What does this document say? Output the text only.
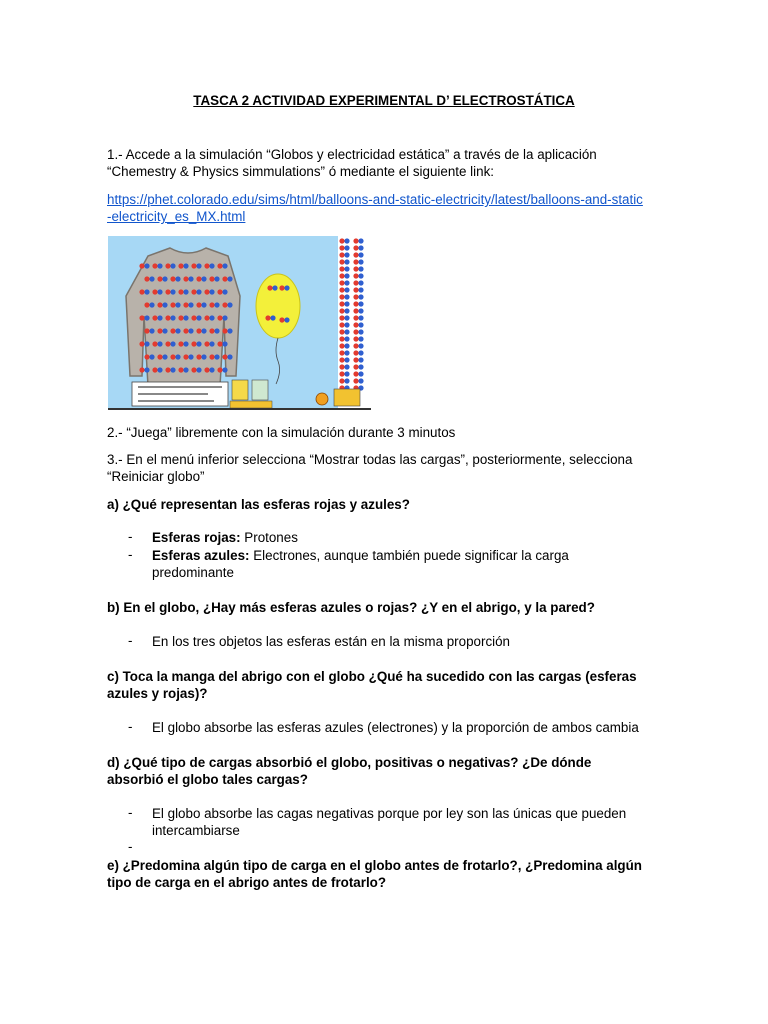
TASCA 2 ACTIVIDAD EXPERIMENTAL D’ ELECTROSTÁTICA
1.- Accede a la simulación “Globos y electricidad estática” a través de la aplicación
“Chemestry & Physics simmulations” ó mediante el siguiente link:
https://phet.colorado.edu/sims/html/balloons-and-static-electricity/latest/balloons-and-static
-electricity_es_MX.html
2.- “Juega” libremente con la simulación durante 3 minutos
3.- En el menú inferior selecciona “Mostrar todas las cargas”, posteriormente, selecciona
“Reiniciar globo”
a) ¿Qué representan las esferas rojas y azules?
- Esferas rojas: Protones
- Esferas azules: Electrones, aunque también puede significar la carga
predominante
b) En el globo, ¿Hay más esferas azules o rojas? ¿Y en el abrigo, y la pared?
- En los tres objetos las esferas están en la misma proporción
c) Toca la manga del abrigo con el globo ¿Qué ha sucedido con las cargas (esferas
azules y rojas)?
- El globo absorbe las esferas azules (electrones) y la proporción de ambos cambia
d) ¿Qué tipo de cargas absorbió el globo, positivas o negativas? ¿De dónde
absorbió el globo tales cargas?
- El globo absorbe las cagas negativas porque por ley son las únicas que pueden
intercambiarse
-
e) ¿Predomina algún tipo de carga en el globo antes de frotarlo?, ¿Predomina algún
tipo de carga en el abrigo antes de frotarlo?
